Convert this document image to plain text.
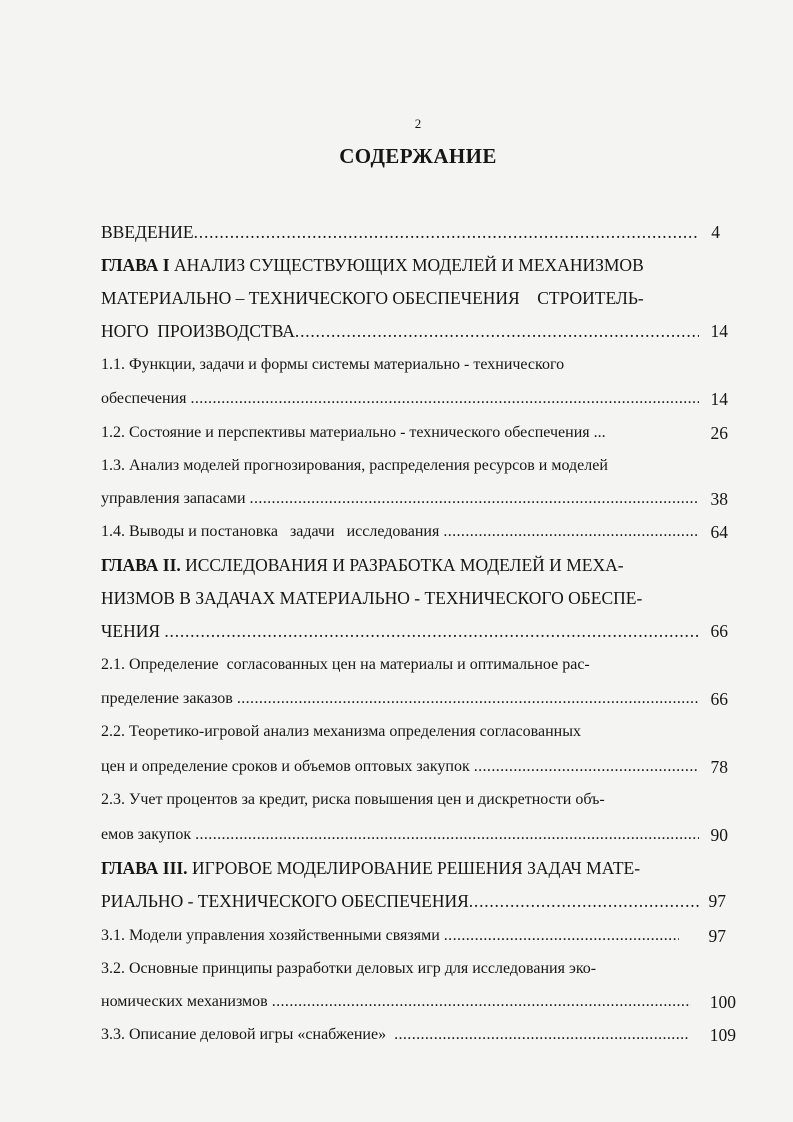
2
СОДЕРЖАНИЕ
ВВЕДЕНИЕ . . .	4
ГЛАВА I АНАЛИЗ СУЩЕСТВУЮЩИХ МОДЕЛЕЙ И МЕХАНИЗМОВ
МАТЕРИАЛЬНО – ТЕХНИЧЕСКОГО ОБЕСПЕЧЕНИЯ    СТРОИТЕЛЬ-
НОГО  ПРОИЗВОДСТВА . . .	14
1.1. Функции, задачи и формы системы материально - технического
обеспечения . . .	14
1.2. Состояние и перспективы материально - технического обеспечения ...	26
1.3. Анализ моделей прогнозирования, распределения ресурсов и моделей
управления запасами . . .	38
1.4. Выводы и постановка   задачи   исследования . . .	64
ГЛАВА II. ИССЛЕДОВАНИЯ И РАЗРАБОТКА МОДЕЛЕЙ И МЕХА-
НИЗМОВ В ЗАДАЧАХ МАТЕРИАЛЬНО - ТЕХНИЧЕСКОГО ОБЕСПЕ-
ЧЕНИЯ . . .	66
2.1. Определение  согласованных цен на материалы и оптимальное рас-
пределение заказов . . .	66
2.2. Теоретико-игровой анализ механизма определения согласованных
цен и определение сроков и объемов оптовых закупок . . .	78
2.3. Учет процентов за кредит, риска повышения цен и дискретности объ-
емов закупок . . .	90
ГЛАВА III. ИГРОВОЕ МОДЕЛИРОВАНИЕ РЕШЕНИЯ ЗАДАЧ МАТЕ-
РИАЛЬНО - ТЕХНИЧЕСКОГО ОБЕСПЕЧЕНИЯ . . .	97
3.1. Модели управления хозяйственными связями . . .	97
3.2. Основные принципы разработки деловых игр для исследования эко-
номических механизмов . . .	100
3.3. Описание деловой игры «снабжение» . . .	109
